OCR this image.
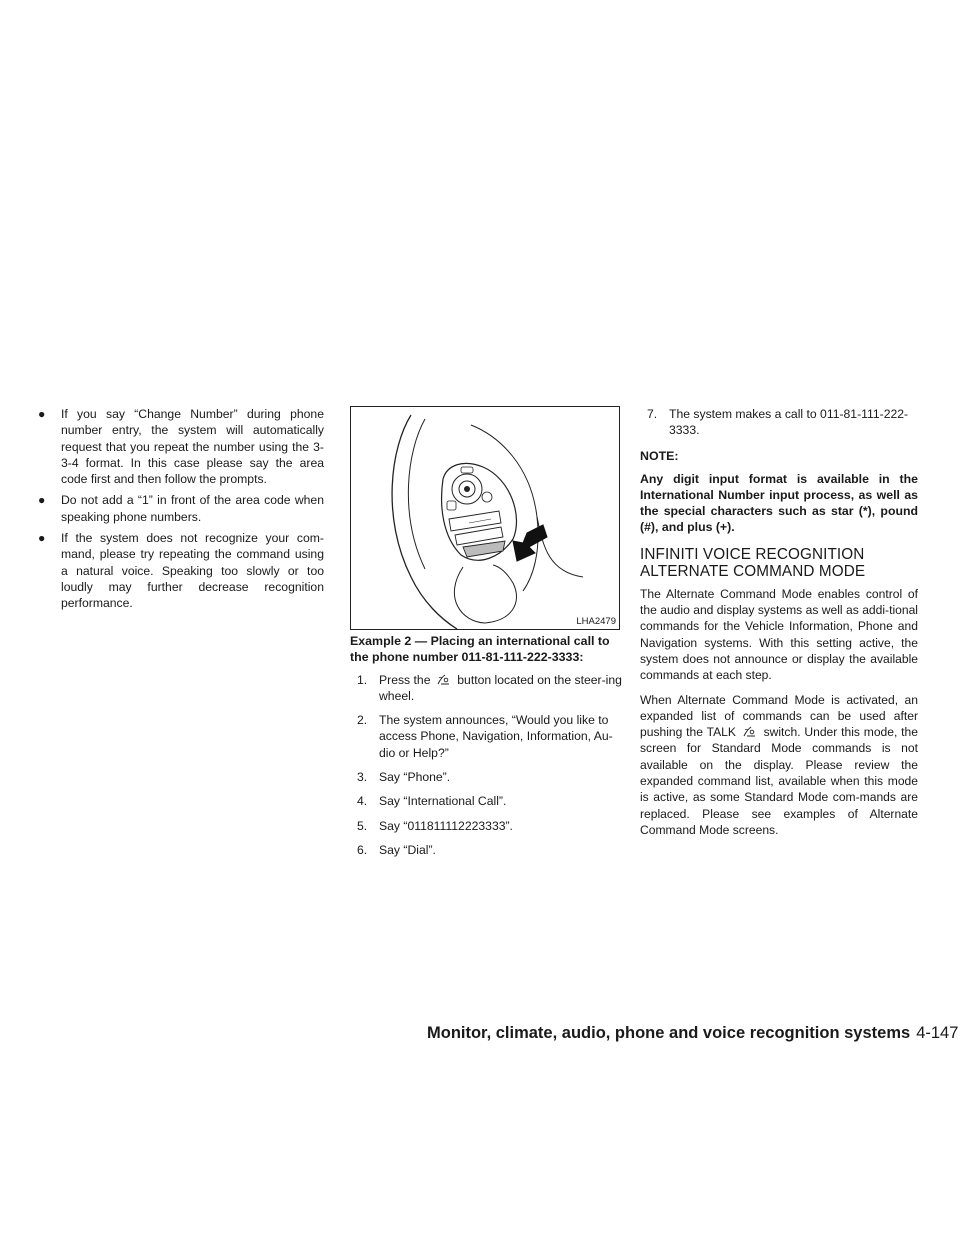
● If you say “Change Number” during phone number entry, the system will automatically request that you repeat the number using the 3-3-4 format. In this case please say the area code first and then follow the prompts.

● Do not add a “1” in front of the area code when speaking phone numbers.

● If the system does not recognize your com-mand, please try repeating the command using a natural voice. Speaking too slowly or too loudly may further decrease recognition performance.

LHA2479

Example 2 — Placing an international call to the phone number 011-81-111-222-3333:

1. Press the button located on the steer-ing wheel.
2. The system announces, “Would you like to access Phone, Navigation, Information, Au-dio or Help?”
3. Say “Phone”.
4. Say “International Call”.
5. Say “011811112223333”.
6. Say “Dial”.
7. The system makes a call to 011-81-111-222-3333.

NOTE:

Any digit input format is available in the International Number input process, as well as the special characters such as star (*), pound (#), and plus (+).

INFINITI VOICE RECOGNITION
ALTERNATE COMMAND MODE

The Alternate Command Mode enables control of the audio and display systems as well as addi-tional commands for the Vehicle Information, Phone and Navigation systems. With this setting active, the system does not announce or display the available commands at each step.

When Alternate Command Mode is activated, an expanded list of commands can be used after pushing the TALK switch. Under this mode, the screen for Standard Mode commands is not available on the display. Please review the expanded command list, available when this mode is active, as some Standard Mode com-mands are replaced. Please see examples of Alternate Command Mode screens.

Monitor, climate, audio, phone and voice recognition systems 4-147
